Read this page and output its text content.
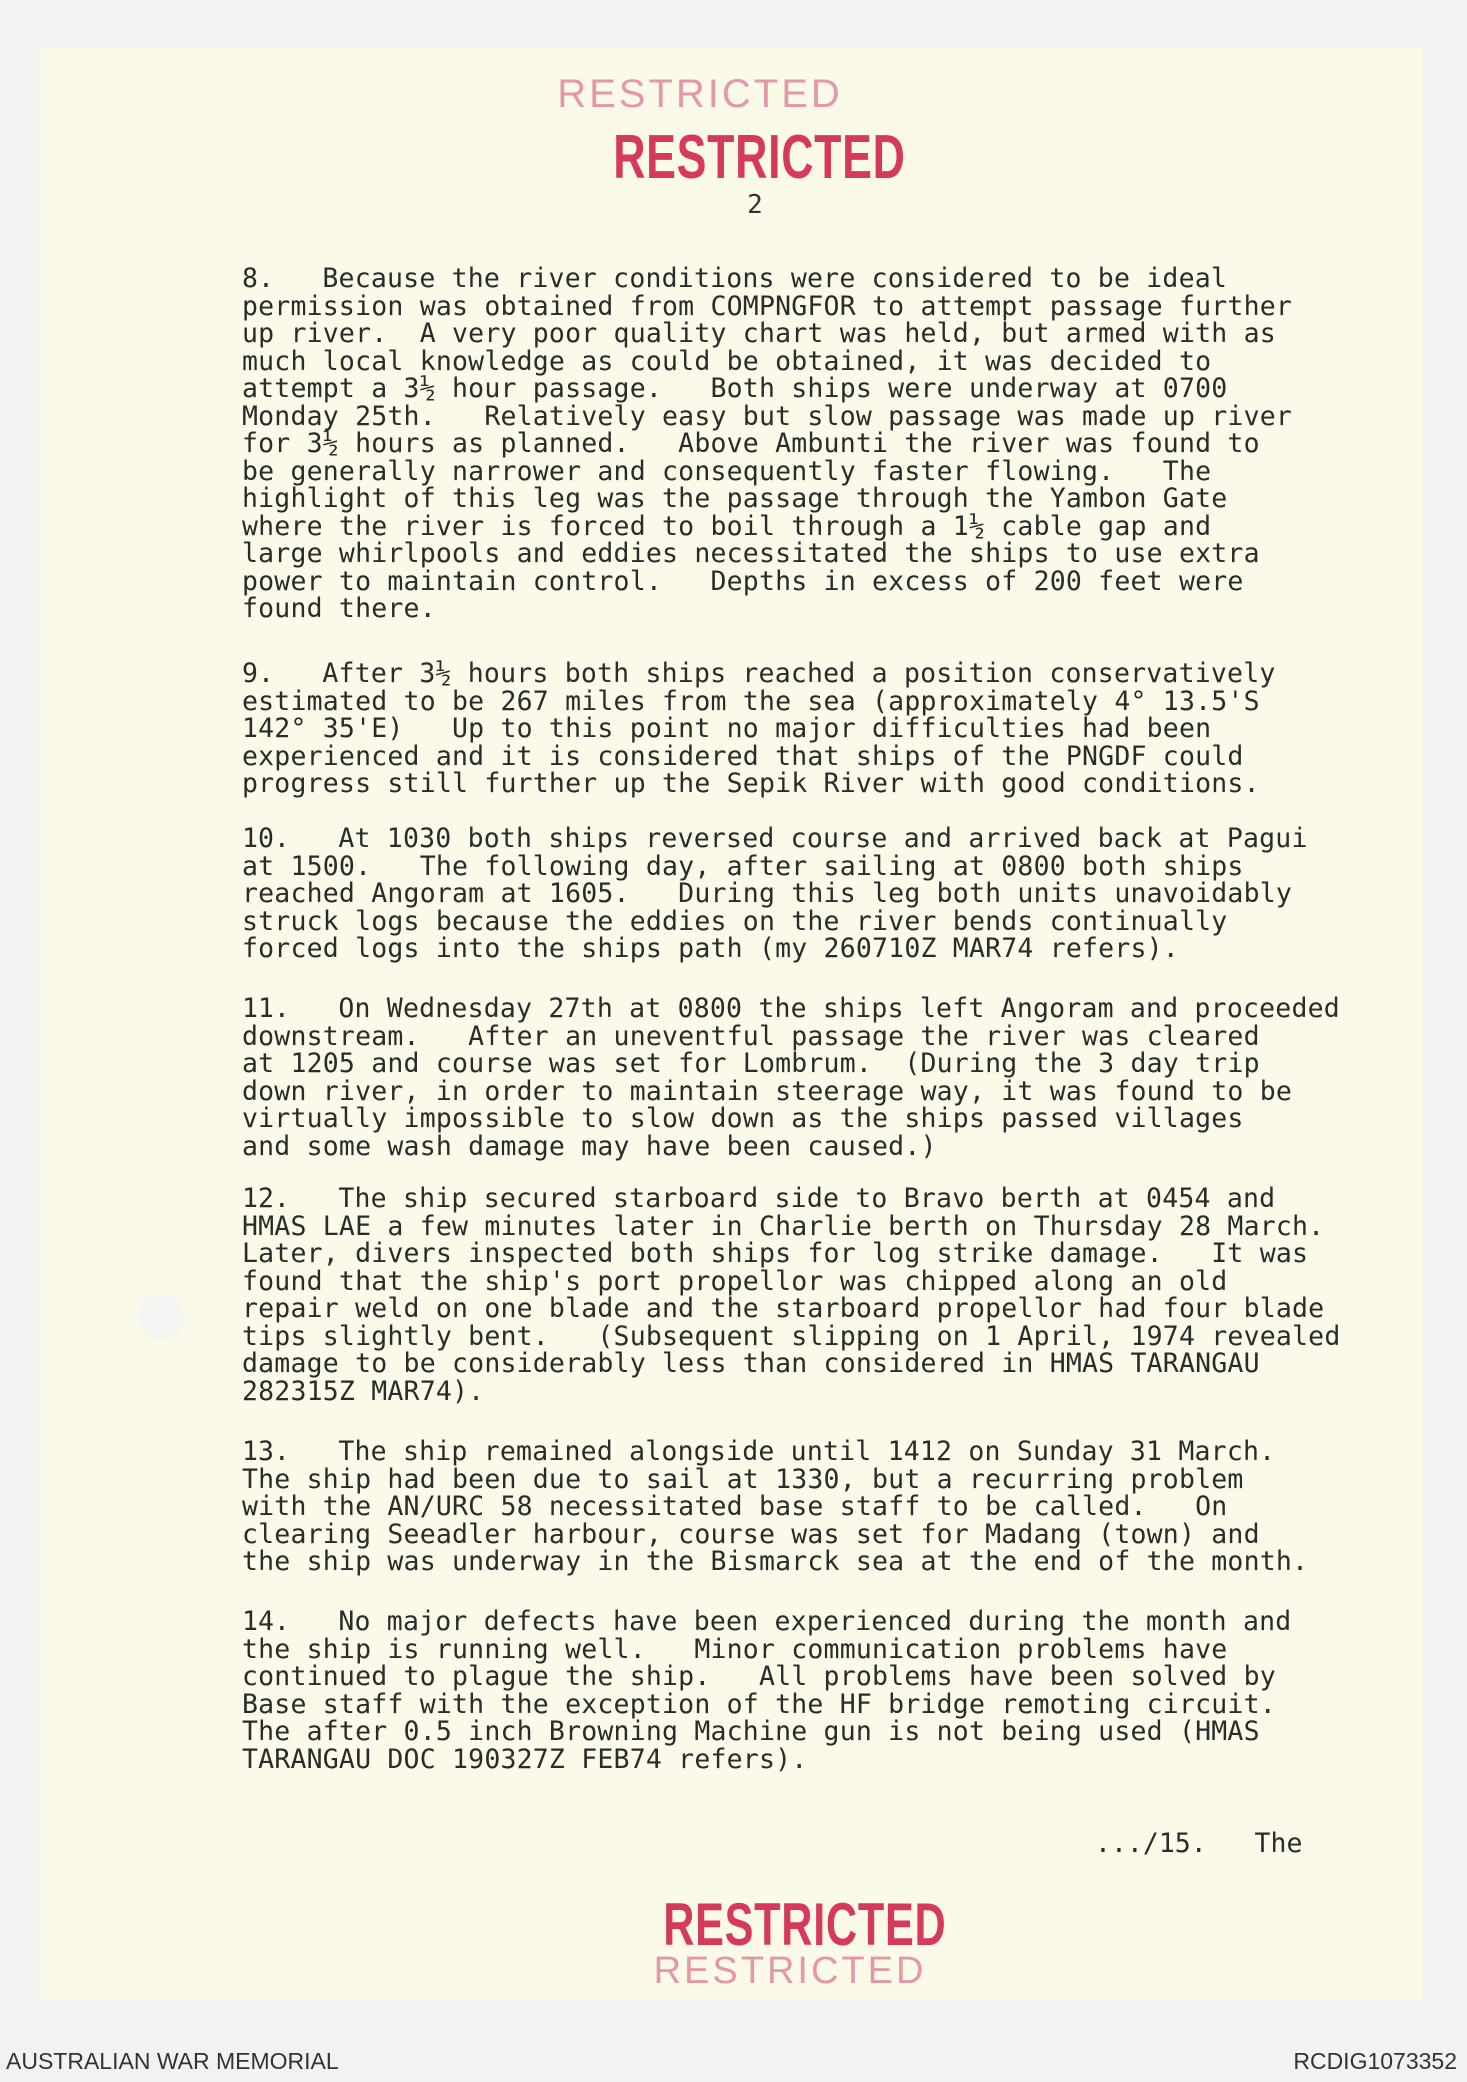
RESTRICTED
RESTRICTED
2
8. Because the river conditions were considered to be ideal
permission was obtained from COMPNGFOR to attempt passage further
up river.  A very poor quality chart was held, but armed with as
much local knowledge as could be obtained, it was decided to
attempt a 3½ hour passage.   Both ships were underway at 0700
Monday 25th.   Relatively easy but slow passage was made up river
for 3½ hours as planned.   Above Ambunti the river was found to
be generally narrower and consequently faster flowing.   The
highlight of this leg was the passage through the Yambon Gate
where the river is forced to boil through a 1½ cable gap and
large whirlpools and eddies necessitated the ships to use extra
power to maintain control.   Depths in excess of 200 feet were
found there.
9. After 3½ hours both ships reached a position conservatively
estimated to be 267 miles from the sea (approximately 4° 13.5'S
142° 35'E)   Up to this point no major difficulties had been
experienced and it is considered that ships of the PNGDF could
progress still further up the Sepik River with good conditions.
10. At 1030 both ships reversed course and arrived back at Pagui
at 1500.   The following day, after sailing at 0800 both ships
reached Angoram at 1605.   During this leg both units unavoidably
struck logs because the eddies on the river bends continually
forced logs into the ships path (my 260710Z MAR74 refers).
11. On Wednesday 27th at 0800 the ships left Angoram and proceeded
downstream.   After an uneventful passage the river was cleared
at 1205 and course was set for Lombrum.  (During the 3 day trip
down river, in order to maintain steerage way, it was found to be
virtually impossible to slow down as the ships passed villages
and some wash damage may have been caused.)
12. The ship secured starboard side to Bravo berth at 0454 and
HMAS LAE a few minutes later in Charlie berth on Thursday 28 March.
Later, divers inspected both ships for log strike damage.   It was
found that the ship's port propellor was chipped along an old
repair weld on one blade and the starboard propellor had four blade
tips slightly bent.   (Subsequent slipping on 1 April, 1974 revealed
damage to be considerably less than considered in HMAS TARANGAU
282315Z MAR74).
13. The ship remained alongside until 1412 on Sunday 31 March.
The ship had been due to sail at 1330, but a recurring problem
with the AN/URC 58 necessitated base staff to be called.   On
clearing Seeadler harbour, course was set for Madang (town) and
the ship was underway in the Bismarck sea at the end of the month.
14. No major defects have been experienced during the month and
the ship is running well.   Minor communication problems have
continued to plague the ship.   All problems have been solved by
Base staff with the exception of the HF bridge remoting circuit.
The after 0.5 inch Browning Machine gun is not being used (HMAS
TARANGAU DOC 190327Z FEB74 refers).
.../15.   The
RESTRICTED
RESTRICTED
AUSTRALIAN WAR MEMORIAL	RCDIG1073352
